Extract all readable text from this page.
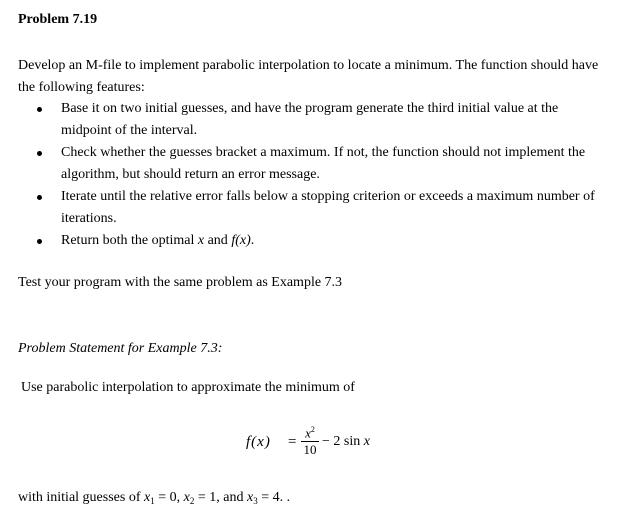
Problem 7.19
Develop an M-file to implement parabolic interpolation to locate a minimum. The function should have the following features:
Base it on two initial guesses, and have the program generate the third initial value at the midpoint of the interval.
Check whether the guesses bracket a maximum. If not, the function should not implement the algorithm, but should return an error message.
Iterate until the relative error falls below a stopping criterion or exceeds a maximum number of iterations.
Return both the optimal x and f(x).
Test your program with the same problem as Example 7.3
Problem Statement for Example 7.3:
Use parabolic interpolation to approximate the minimum of
f(x) =
$x^2$
10
− 2 sin x
with initial guesses of $x_1 = 0$, $x_2 = 1$, and $x_3 = 4$. .
